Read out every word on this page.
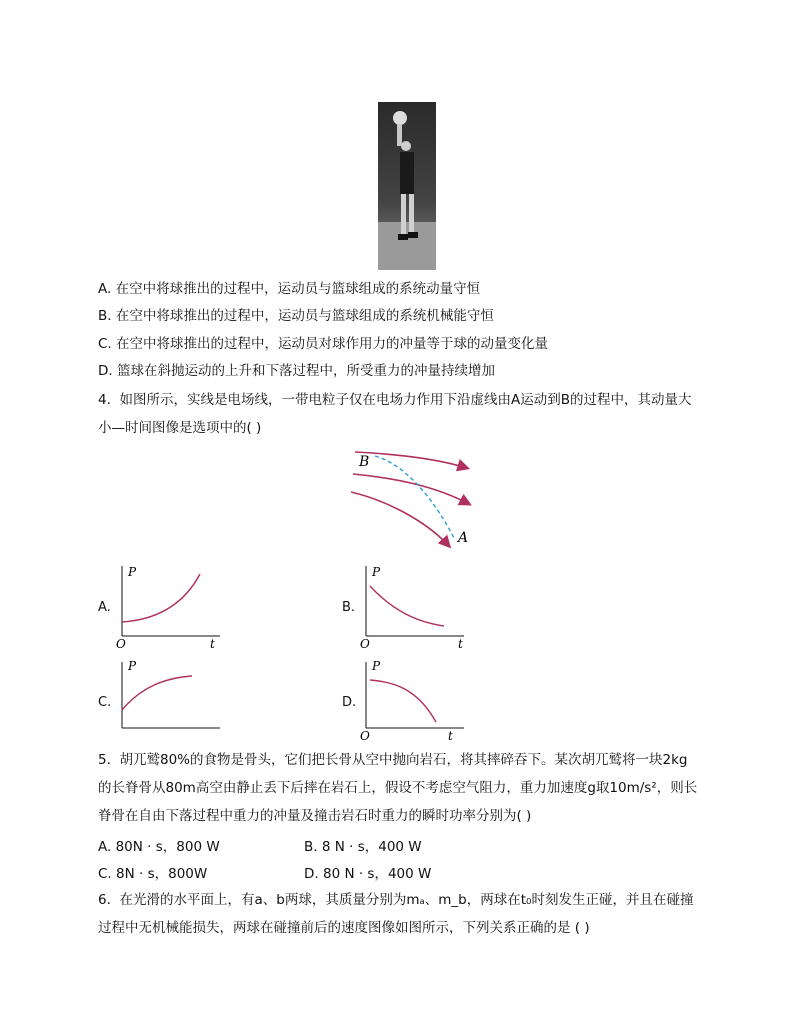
A. 在空中将球推出的过程中，运动员与篮球组成的系统动量守恒
B. 在空中将球推出的过程中，运动员与篮球组成的系统机械能守恒
C. 在空中将球推出的过程中，运动员对球作用力的冲量等于球的动量变化量
D. 篮球在斜抛运动的上升和下落过程中，所受重力的冲量持续增加
4. 如图所示，实线是电场线，一带电粒子仅在电场力作用下沿虚线由A运动到B的过程中，其动量大
小—时间图像是选项中的( )
B
A
A.
P
O	t
B.
P
O	t
C.
P
D.
P
O	t
5. 胡兀鹫80%的食物是骨头，它们把长骨从空中抛向岩石，将其摔碎吞下。某次胡兀鹫将一块2kg
的长脊骨从80m高空由静止丢下后摔在岩石上，假设不考虑空气阻力，重力加速度g取10m/s²，则长
脊骨在自由下落过程中重力的冲量及撞击岩石时重力的瞬时功率分别为( )
A. 80N · s，800 W	B. 8 N · s，400 W
C. 8N · s，800W	D. 80 N · s，400 W
6. 在光滑的水平面上，有a、b两球，其质量分别为mₐ、m_b，两球在t₀时刻发生正碰，并且在碰撞
过程中无机械能损失，两球在碰撞前后的速度图像如图所示，下列关系正确的是 ( )
